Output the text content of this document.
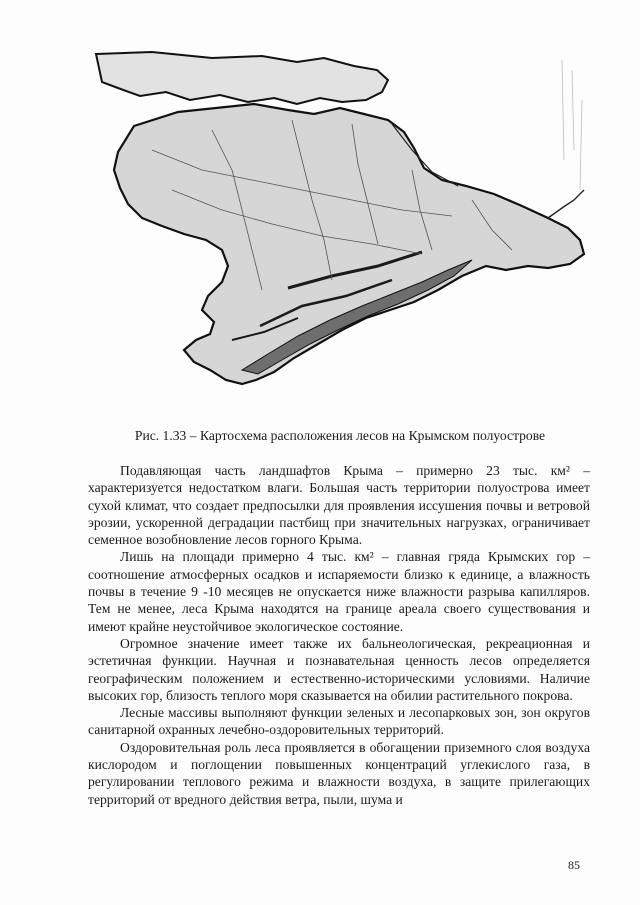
Рис. 1.33 – Картосхема расположения лесов на Крымском полуострове

Подавляющая часть ландшафтов Крыма – примерно 23 тыс. км² – характеризуется недостатком влаги. Большая часть территории полуострова имеет сухой климат, что создает предпосылки для проявления иссушения почвы и ветровой эрозии, ускоренной деградации пастбищ при значительных нагрузках, ограничивает семенное возобновление лесов горного Крыма.

Лишь на площади примерно 4 тыс. км² – главная гряда Крымских гор – соотношение атмосферных осадков и испаряемости близко к единице, а влажность почвы в течение 9 -10 месяцев не опускается ниже влажности разрыва капилляров. Тем не менее, леса Крыма находятся на границе ареала своего существования и имеют крайне неустойчивое экологическое состояние.

Огромное значение имеет также их бальнеологическая, рекреационная и эстетичная функции. Научная и познавательная ценность лесов определяется географическим положением и естественно-историческими условиями. Наличие высоких гор, близость теплого моря сказывается на обилии растительного покрова.

Лесные массивы выполняют функции зеленых и лесопарковых зон, зон округов санитарной охранных лечебно-оздоровительных территорий.

Оздоровительная роль леса проявляется в обогащении приземного слоя воздуха кислородом и поглощении повышенных концентраций углекислого газа, в регулировании теплового режима и влажности воздуха, в защите прилегающих территорий от вредного действия ветра, пыли, шума и

85
